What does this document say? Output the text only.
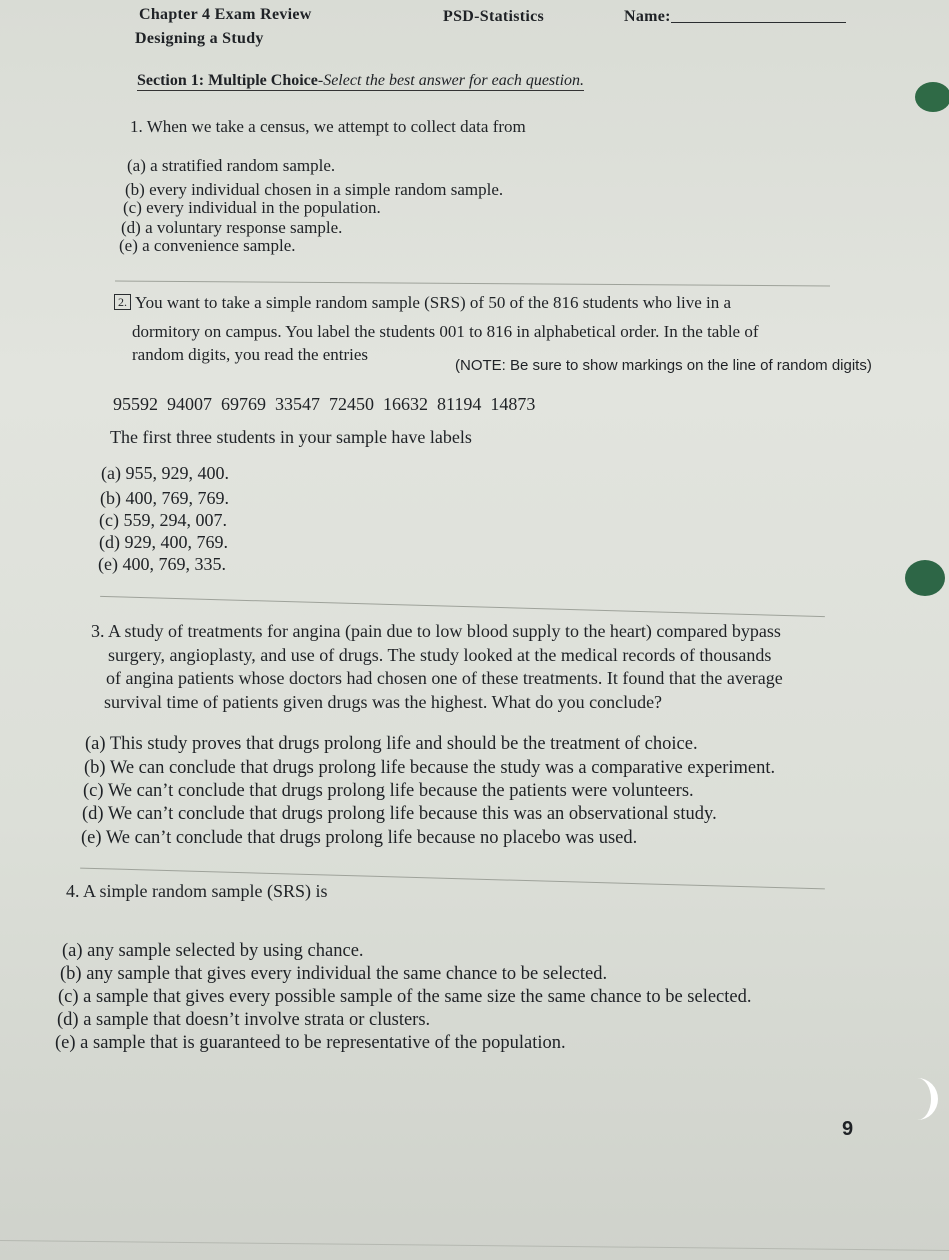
Chapter 4 Exam Review	PSD-Statistics	Name:
Designing a Study
Section 1: Multiple Choice-Select the best answer for each question.
1. When we take a census, we attempt to collect data from
(a) a stratified random sample.
(b) every individual chosen in a simple random sample.
(c) every individual in the population.
(d) a voluntary response sample.
(e) a convenience sample.
2. You want to take a simple random sample (SRS) of 50 of the 816 students who live in a
dormitory on campus. You label the students 001 to 816 in alphabetical order. In the table of
random digits, you read the entries
(NOTE: Be sure to show markings on the line of random digits)
95592  94007  69769  33547  72450  16632  81194  14873
The first three students in your sample have labels
(a) 955, 929, 400.
(b) 400, 769, 769.
(c) 559, 294, 007.
(d) 929, 400, 769.
(e) 400, 769, 335.
3. A study of treatments for angina (pain due to low blood supply to the heart) compared bypass
surgery, angioplasty, and use of drugs. The study looked at the medical records of thousands
of angina patients whose doctors had chosen one of these treatments. It found that the average
survival time of patients given drugs was the highest. What do you conclude?
(a) This study proves that drugs prolong life and should be the treatment of choice.
(b) We can conclude that drugs prolong life because the study was a comparative experiment.
(c) We can’t conclude that drugs prolong life because the patients were volunteers.
(d) We can’t conclude that drugs prolong life because this was an observational study.
(e) We can’t conclude that drugs prolong life because no placebo was used.
4. A simple random sample (SRS) is
(a) any sample selected by using chance.
(b) any sample that gives every individual the same chance to be selected.
(c) a sample that gives every possible sample of the same size the same chance to be selected.
(d) a sample that doesn’t involve strata or clusters.
(e) a sample that is guaranteed to be representative of the population.
9
